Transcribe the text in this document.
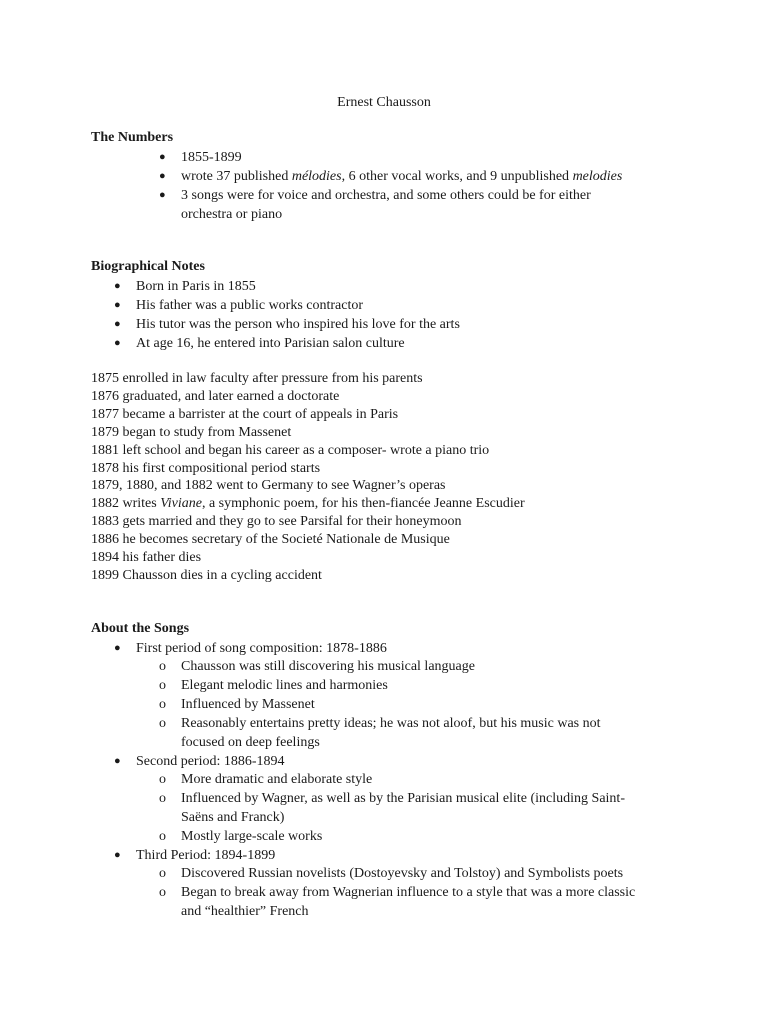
Ernest Chausson
The Numbers
● 1855-1899
● wrote 37 published mélodies, 6 other vocal works, and 9 unpublished melodies
● 3 songs were for voice and orchestra, and some others could be for either
orchestra or piano
Biographical Notes
● Born in Paris in 1855
● His father was a public works contractor
● His tutor was the person who inspired his love for the arts
● At age 16, he entered into Parisian salon culture
1875 enrolled in law faculty after pressure from his parents
1876 graduated, and later earned a doctorate
1877 became a barrister at the court of appeals in Paris
1879 began to study from Massenet
1881 left school and began his career as a composer- wrote a piano trio
1878 his first compositional period starts
1879, 1880, and 1882 went to Germany to see Wagner’s operas
1882 writes Viviane, a symphonic poem, for his then-fiancée Jeanne Escudier
1883 gets married and they go to see Parsifal for their honeymoon
1886 he becomes secretary of the Societé Nationale de Musique
1894 his father dies
1899 Chausson dies in a cycling accident
About the Songs
● First period of song composition: 1878-1886
o Chausson was still discovering his musical language
o Elegant melodic lines and harmonies
o Influenced by Massenet
o Reasonably entertains pretty ideas; he was not aloof, but his music was not
focused on deep feelings
● Second period: 1886-1894
o More dramatic and elaborate style
o Influenced by Wagner, as well as by the Parisian musical elite (including Saint-
Saëns and Franck)
o Mostly large-scale works
● Third Period: 1894-1899
o Discovered Russian novelists (Dostoyevsky and Tolstoy) and Symbolists poets
o Began to break away from Wagnerian influence to a style that was a more classic
and “healthier” French
